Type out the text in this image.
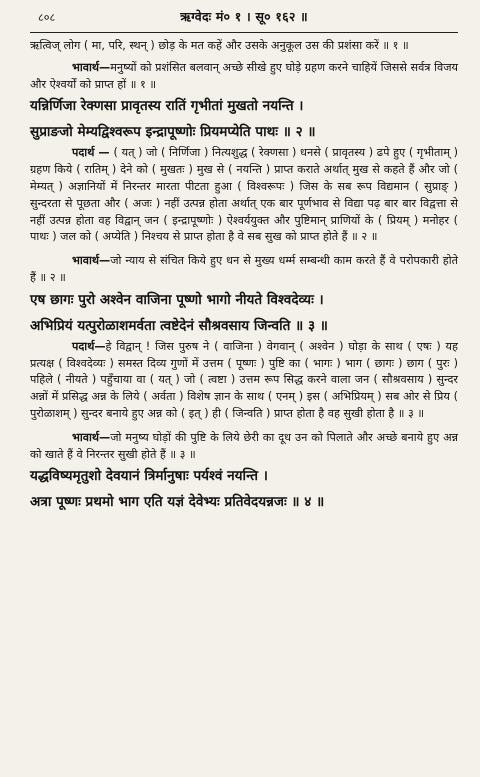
८०८	ऋग्वेदः मं० १ । सू० १६२ ॥

ऋत्विज् लोग ( मा, परि, स्थन् ) छोड़ के मत कहें और उसके अनुकूल उस की प्रशंसा करें ॥ १ ॥

भावार्थ—मनुष्यों को प्रशंसित बलवान् अच्छे सीखे हुए घोड़े ग्रहण करने चाहियें जिससे सर्वत्र विजय और ऐश्वर्यों को प्राप्त हों ॥ १ ॥

यन्निर्णिजा रेक्णसा प्रावृतस्य रातिं गृभीतां मुखतो नयन्ति ।
सुप्राङजो मेम्यद्विश्वरूप इन्द्रापूष्णोः प्रियमप्येति पाथः ॥ २ ॥

पदार्थ — ( यत् ) जो ( निर्णिजा ) नित्यशुद्ध ( रेक्णसा ) धनसे ( प्रावृतस्य ) ढपे हुए ( गृभीताम् ) ग्रहण किये ( रातिम् ) देने को ( मुखतः ) मुख से ( नयन्ति ) प्राप्त कराते अर्थात् मुख से कहते हैं और जो ( मेम्यत् ) अज्ञानियों में निरन्तर मारता पीटता हुआ ( विश्वरूपः ) जिस के सब रूप विद्यमान ( सुप्राङ् ) सुन्दरता से पूछता और ( अजः ) नहीं उत्पन्न होता अर्थात् एक बार पूर्णभाव से विद्या पढ़ बार बार विद्वत्ता से नहीं उत्पन्न होता वह विद्वान् जन ( इन्द्रापूष्णोः ) ऐश्वर्ययुक्त और पुष्टिमान् प्राणियों के ( प्रियम् ) मनोहर ( पाथः ) जल को ( अप्येति ) निश्चय से प्राप्त होता है वे सब सुख को प्राप्त होते हैं ॥ २ ॥

भावार्थ—जो न्याय से संचित किये हुए धन से मुख्य धर्म्म सम्बन्धी काम करते हैं वे परोपकारी होते हैं ॥ २ ॥

एष छागः पुरो अश्वेन वाजिना पूष्णो भागो नीयते विश्वदेव्यः ।
अभिप्रियं यत्पुरोळाशमर्वता त्वष्टेदेनं सौश्रवसाय जिन्वति ॥ ३ ॥

पदार्थ—हे विद्वान् ! जिस पुरुष ने ( वाजिना ) वेगवान् ( अश्वेन ) घोड़ा के साथ ( एषः ) यह प्रत्यक्ष ( विश्वदेव्यः ) समस्त दिव्य गुणों में उत्तम ( पूष्णः ) पुष्टि का ( भागः ) भाग ( छागः ) छाग ( पुरः ) पहिले ( नीयते ) पहुँचाया वा ( यत् ) जो ( त्वष्टा ) उत्तम रूप सिद्ध करने वाला जन ( सौश्रवसाय ) सुन्दर अन्नों में प्रसिद्ध अन्न के लिये ( अर्वता ) विशेष ज्ञान के साथ ( एनम् ) इस ( अभिप्रियम् ) सब ओर से प्रिय ( पुरोळाशम् ) सुन्दर बनाये हुए अन्न को ( इत् ) ही ( जिन्वति ) प्राप्त होता है वह सुखी होता है ॥ ३ ॥

भावार्थ—जो मनुष्य घोड़ों की पुष्टि के लिये छेरी का दूध उन को पिलाते और अच्छे बनाये हुए अन्न को खाते हैं वे निरन्तर सुखी होते हैं ॥ ३ ॥

यद्धविष्यमृतुशो देवयानं त्रिर्मानुषाः पर्यश्वं नयन्ति ।
अत्रा पूष्णः प्रथमो भाग एति यज्ञं देवेभ्यः प्रतिवेदयन्नजः ॥ ४ ॥
